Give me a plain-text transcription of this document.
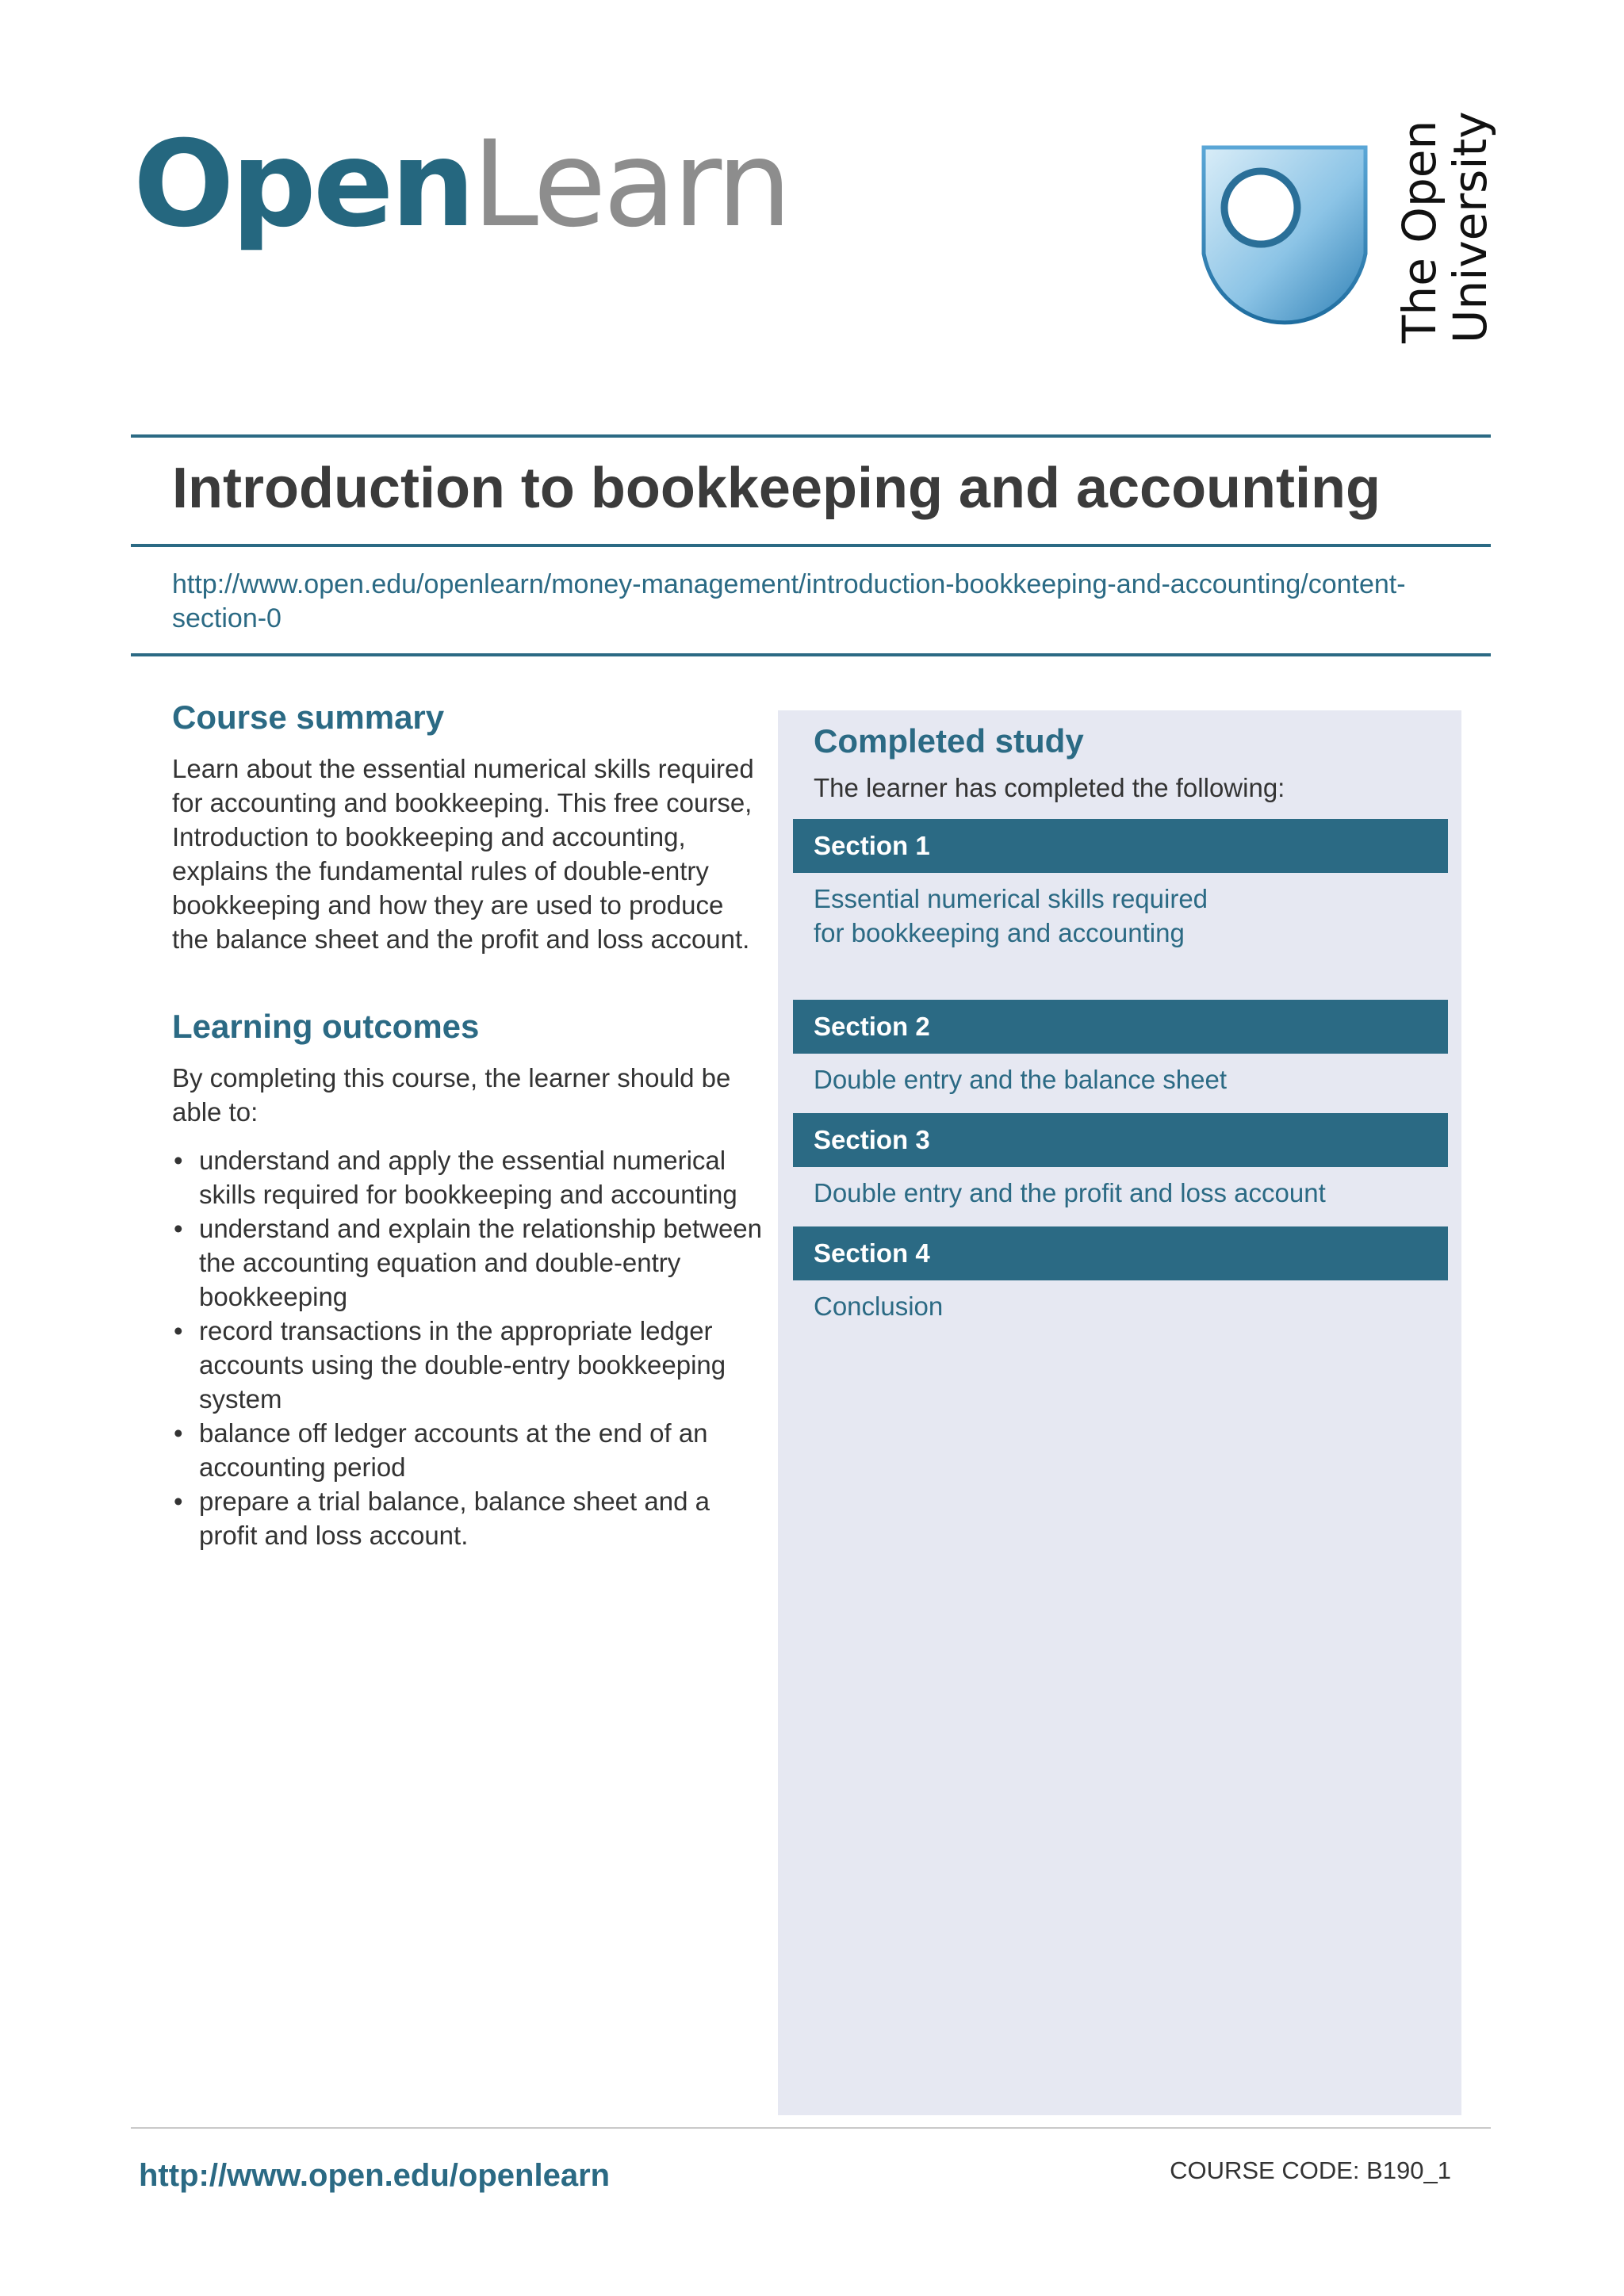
OpenLearn	The Open
University
Introduction to bookkeeping and accounting
http://www.open.edu/openlearn/money-management/introduction-bookkeeping-and-accounting/content-section-0
Course summary

Learn about the essential numerical skills required for accounting and bookkeeping. This free course, Introduction to bookkeeping and accounting, explains the fundamental rules of double-entry bookkeeping and how they are used to produce the balance sheet and the profit and loss account.

Learning outcomes

By completing this course, the learner should be able to:

• understand and apply the essential numerical skills required for bookkeeping and accounting
• understand and explain the relationship between the accounting equation and double-entry bookkeeping
• record transactions in the appropriate ledger accounts using the double-entry bookkeeping system
• balance off ledger accounts at the end of an accounting period
• prepare a trial balance, balance sheet and a profit and loss account.
Completed study

The learner has completed the following:

Section 1
Essential numerical skills required for bookkeeping and accounting
Section 2
Double entry and the balance sheet
Section 3
Double entry and the profit and loss account
Section 4
Conclusion
http://www.open.edu/openlearn	COURSE CODE: B190_1
